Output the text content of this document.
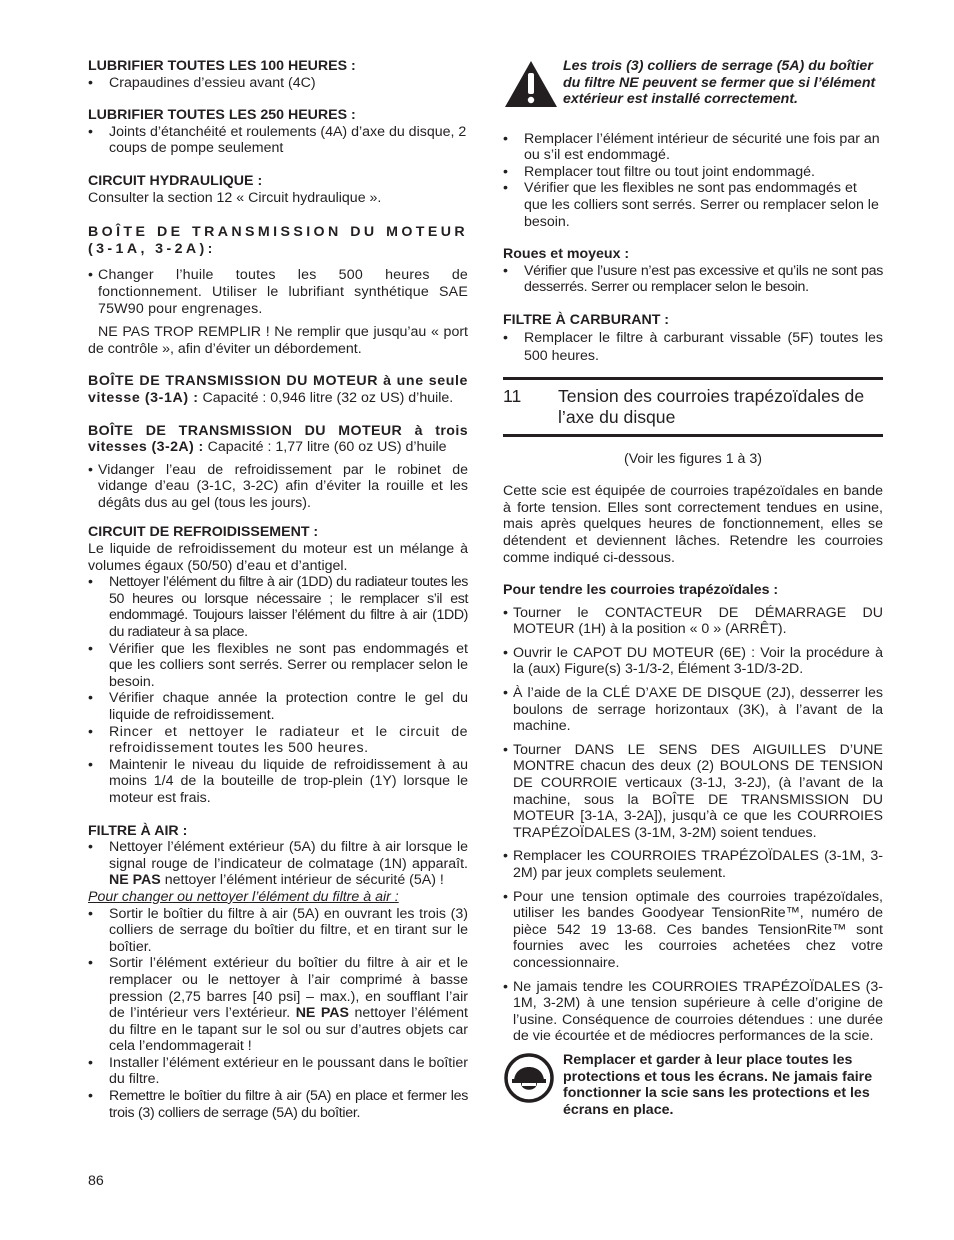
LUBRIFIER TOUTES LES 100 HEURES :

• Crapaudines d’essieu avant (4C)

LUBRIFIER TOUTES LES 250 HEURES :

• Joints d’étanchéité et roulements (4A) d’axe du disque, 2 coups de pompe seulement

CIRCUIT HYDRAULIQUE :

Consulter la section 12 « Circuit hydraulique ».

BOÎTE DE TRANSMISSION DU MOTEUR (3-1A, 3-2A):

• Changer l’huile toutes les 500 heures de fonctionnement. Utiliser le lubrifiant synthétique SAE 75W90 pour engrenages.

NE PAS TROP REMPLIR ! Ne remplir que jusqu’au « port de contrôle », afin d’éviter un débordement.

BOÎTE DE TRANSMISSION DU MOTEUR à une seule vitesse (3-1A) : Capacité : 0,946 litre (32 oz US) d’huile.

BOÎTE DE TRANSMISSION DU MOTEUR à trois vitesses (3-2A) : Capacité : 1,77 litre (60 oz US) d’huile

• Vidanger l’eau de refroidissement par le robinet de vidange d’eau (3-1C, 3-2C) afin d’éviter la rouille et les dégâts dus au gel (tous les jours).

CIRCUIT DE REFROIDISSEMENT :

Le liquide de refroidissement du moteur est un mélange à volumes égaux (50/50) d’eau et d’antigel.

• Nettoyer l’élément du filtre à air (1DD) du radiateur toutes les 50 heures ou lorsque nécessaire ; le remplacer s’il est endommagé. Toujours laisser l’élément du filtre à air (1DD) du radiateur à sa place.
• Vérifier que les flexibles ne sont pas endommagés et que les colliers sont serrés. Serrer ou remplacer selon le besoin.
• Vérifier chaque année la protection contre le gel du liquide de refroidissement.
• Rincer et nettoyer le radiateur et le circuit de refroidissement toutes les 500 heures.
• Maintenir le niveau du liquide de refroidissement à au moins 1/4 de la bouteille de trop-plein (1Y) lorsque le moteur est frais.

FILTRE À AIR :

• Nettoyer l’élément extérieur (5A) du filtre à air lorsque le signal rouge de l’indicateur de colmatage (1N) apparaît. NE PAS nettoyer l’élément intérieur de sécurité (5A) !

Pour changer ou nettoyer l’élément du filtre à air :

• Sortir le boîtier du filtre à air (5A) en ouvrant les trois (3) colliers de serrage du boîtier du filtre, et en tirant sur le boîtier.
• Sortir l’élément extérieur du boîtier du filtre à air et le remplacer ou le nettoyer à l’air comprimé à basse pression (2,75 barres [40 psi] – max.), en soufflant l’air de l’intérieur vers l’extérieur. NE PAS nettoyer l’élément du filtre en le tapant sur le sol ou sur d’autres objets car cela l’endommagerait !
• Installer l’élément extérieur en le poussant dans le boîtier du filtre.
• Remettre le boîtier du filtre à air (5A) en place et fermer les trois (3) colliers de serrage (5A) du boîtier.
86

Les trois (3) colliers de serrage (5A) du boîtier du filtre NE peuvent se fermer que si l’élément extérieur est installé correctement.

• Remplacer l’élément intérieur de sécurité une fois par an ou s’il est endommagé.
• Remplacer tout filtre ou tout joint endommagé.
• Vérifier que les flexibles ne sont pas endommagés et que les colliers sont serrés. Serrer ou remplacer selon le besoin.

Roues et moyeux :

• Vérifier que l’usure n’est pas excessive et qu’ils ne sont pas desserrés. Serrer ou remplacer selon le besoin.

FILTRE À CARBURANT :

• Remplacer le filtre à carburant vissable (5F) toutes les 500 heures.
11	Tension des courroies trapézoïdales de l’axe du disque

(Voir les figures 1 à 3)

Cette scie est équipée de courroies trapézoïdales en bande à forte tension. Elles sont correctement tendues en usine, mais après quelques heures de fonctionnement, elles se détendent et deviennent lâches. Retendre les courroies comme indiqué ci-dessous.

Pour tendre les courroies trapézoïdales :

• Tourner le CONTACTEUR DE DÉMARRAGE DU MOTEUR (1H) à la position « 0 » (ARRÊT).
• Ouvrir le CAPOT DU MOTEUR (6E) : Voir la procédure à la (aux) Figure(s) 3-1/3-2, Élément 3-1D/3-2D.
• À l’aide de la CLÉ D’AXE DE DISQUE (2J), desserrer les boulons de serrage horizontaux (3K), à l’avant de la machine.
• Tourner DANS LE SENS DES AIGUILLES D’UNE MONTRE chacun des deux (2) BOULONS DE TENSION DE COURROIE verticaux (3-1J, 3-2J), (à l’avant de la machine, sous la BOÎTE DE TRANSMISSION DU MOTEUR [3-1A, 3-2A]), jusqu’à ce que les COURROIES TRAPÉZOÏDALES (3-1M, 3-2M) soient tendues.
• Remplacer les COURROIES TRAPÉZOÏDALES (3-1M, 3-2M) par jeux complets seulement.
• Pour une tension optimale des courroies trapézoïdales, utiliser les bandes Goodyear TensionRite™, numéro de pièce 542 19 13-68. Ces bandes TensionRite™ sont fournies avec les courroies achetées chez votre concessionnaire.
• Ne jamais tendre les COURROIES TRAPÉZOÏDALES (3-1M, 3-2M) à une tension supérieure à celle d’origine de l’usine. Conséquence de courroies détendues : une durée de vie écourtée et de médiocres performances de la scie.

Remplacer et garder à leur place toutes les protections et tous les écrans. Ne jamais faire fonctionner la scie sans les protections et les écrans en place.
